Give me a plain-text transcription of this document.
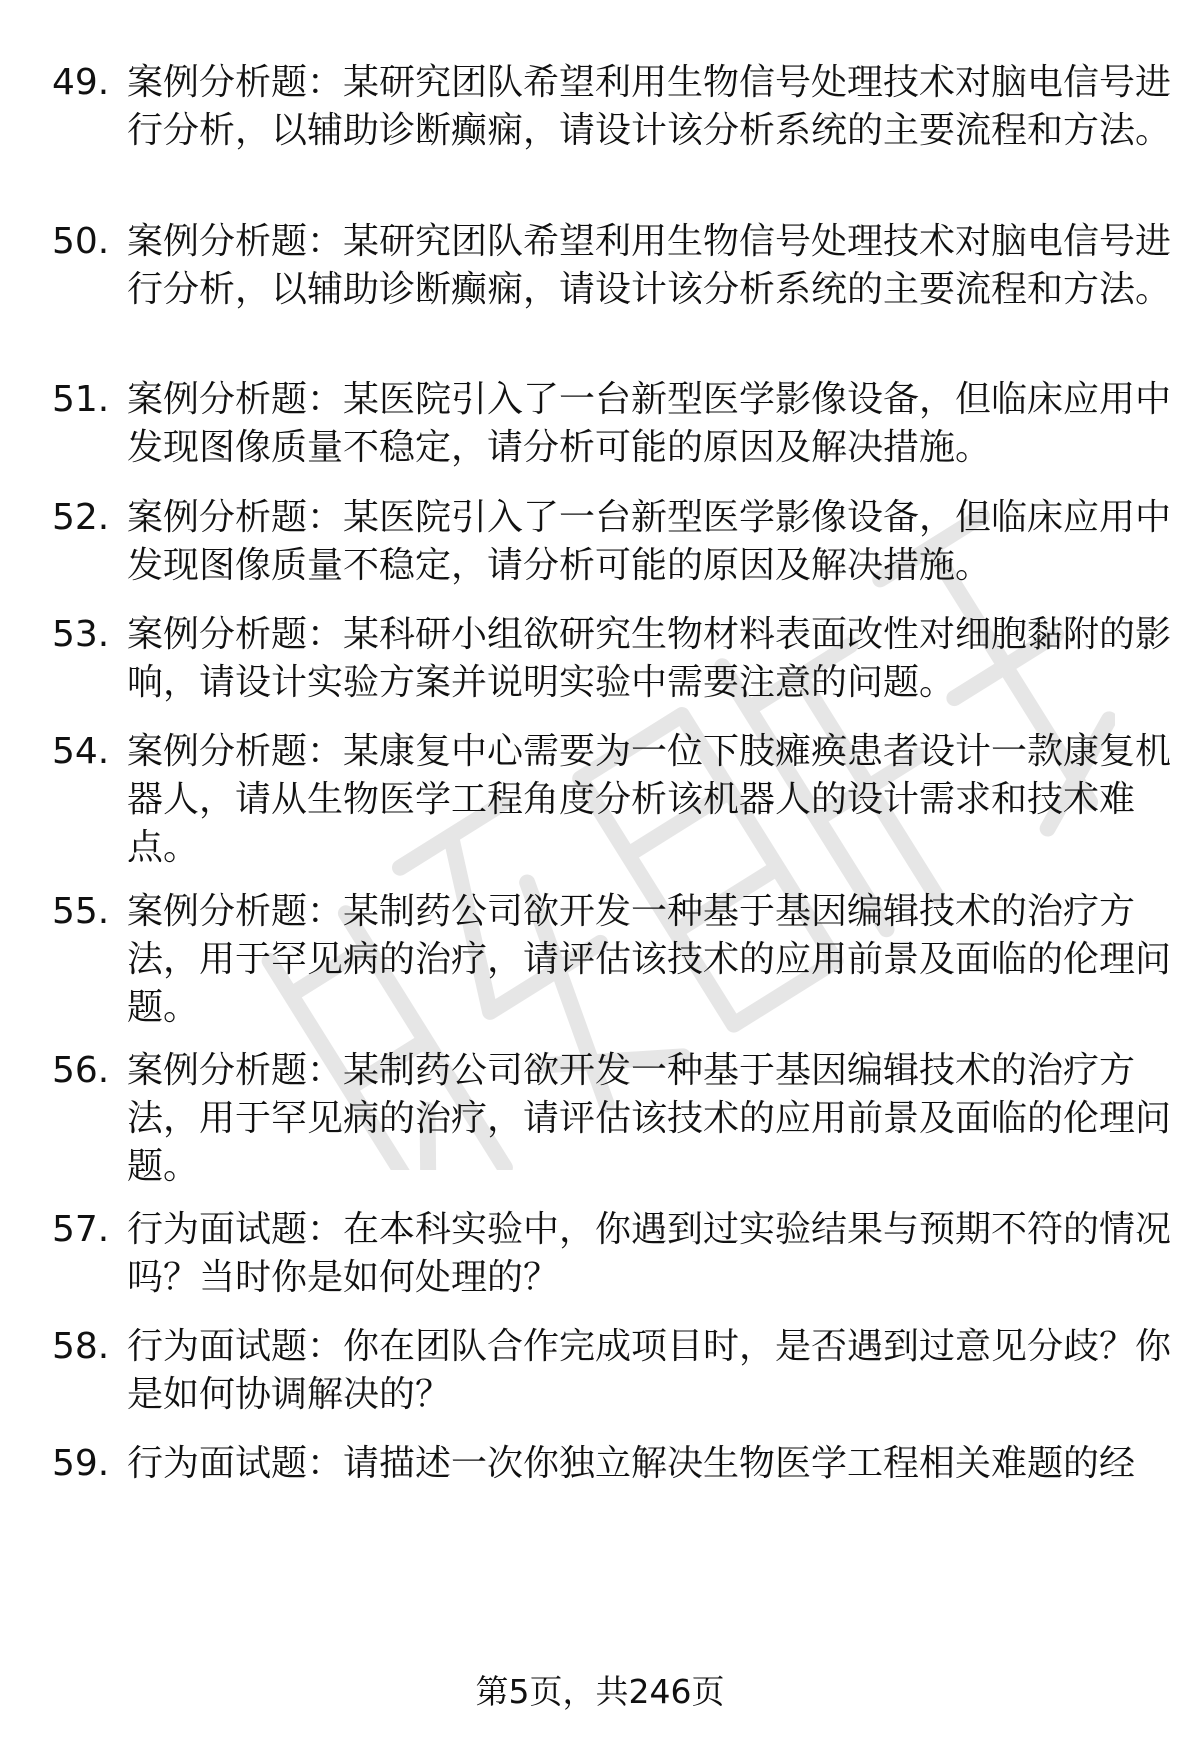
49. 案例分析题：某研究团队希望利用生物信号处理技术对脑电信号进行分析，以辅助诊断癫痫，请设计该分析系统的主要流程和方法。
50. 案例分析题：某研究团队希望利用生物信号处理技术对脑电信号进行分析，以辅助诊断癫痫，请设计该分析系统的主要流程和方法。
51. 案例分析题：某医院引入了一台新型医学影像设备，但临床应用中发现图像质量不稳定，请分析可能的原因及解决措施。
52. 案例分析题：某医院引入了一台新型医学影像设备，但临床应用中发现图像质量不稳定，请分析可能的原因及解决措施。
53. 案例分析题：某科研小组欲研究生物材料表面改性对细胞黏附的影响，请设计实验方案并说明实验中需要注意的问题。
54. 案例分析题：某康复中心需要为一位下肢瘫痪患者设计一款康复机器人，请从生物医学工程角度分析该机器人的设计需求和技术难点。
55. 案例分析题：某制药公司欲开发一种基于基因编辑技术的治疗方法，用于罕见病的治疗，请评估该技术的应用前景及面临的伦理问题。
56. 案例分析题：某制药公司欲开发一种基于基因编辑技术的治疗方法，用于罕见病的治疗，请评估该技术的应用前景及面临的伦理问题。
57. 行为面试题：在本科实验中，你遇到过实验结果与预期不符的情况吗？当时你是如何处理的？
58. 行为面试题：你在团队合作完成项目时，是否遇到过意见分歧？你是如何协调解决的？
59. 行为面试题：请描述一次你独立解决生物医学工程相关难题的经
第5页，共246页
